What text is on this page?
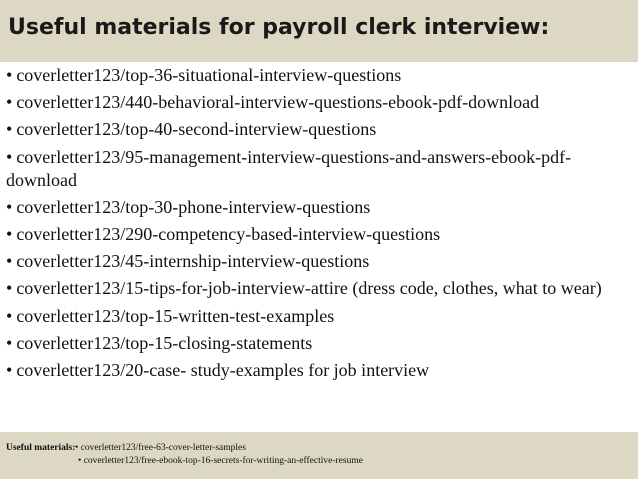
Useful materials for payroll clerk interview:
• coverletter123/top-36-situational-interview-questions
• coverletter123/440-behavioral-interview-questions-ebook-pdf-download
• coverletter123/top-40-second-interview-questions
• coverletter123/95-management-interview-questions-and-answers-ebook-pdf-download
• coverletter123/top-30-phone-interview-questions
• coverletter123/290-competency-based-interview-questions
• coverletter123/45-internship-interview-questions
• coverletter123/15-tips-for-job-interview-attire (dress code, clothes, what to wear)
• coverletter123/top-15-written-test-examples
• coverletter123/top-15-closing-statements
• coverletter123/20-case- study-examples for job interview
Useful materials: • coverletter123/free-63-cover-letter-samples
• coverletter123/free-ebook-top-16-secrets-for-writing-an-effective-resume
